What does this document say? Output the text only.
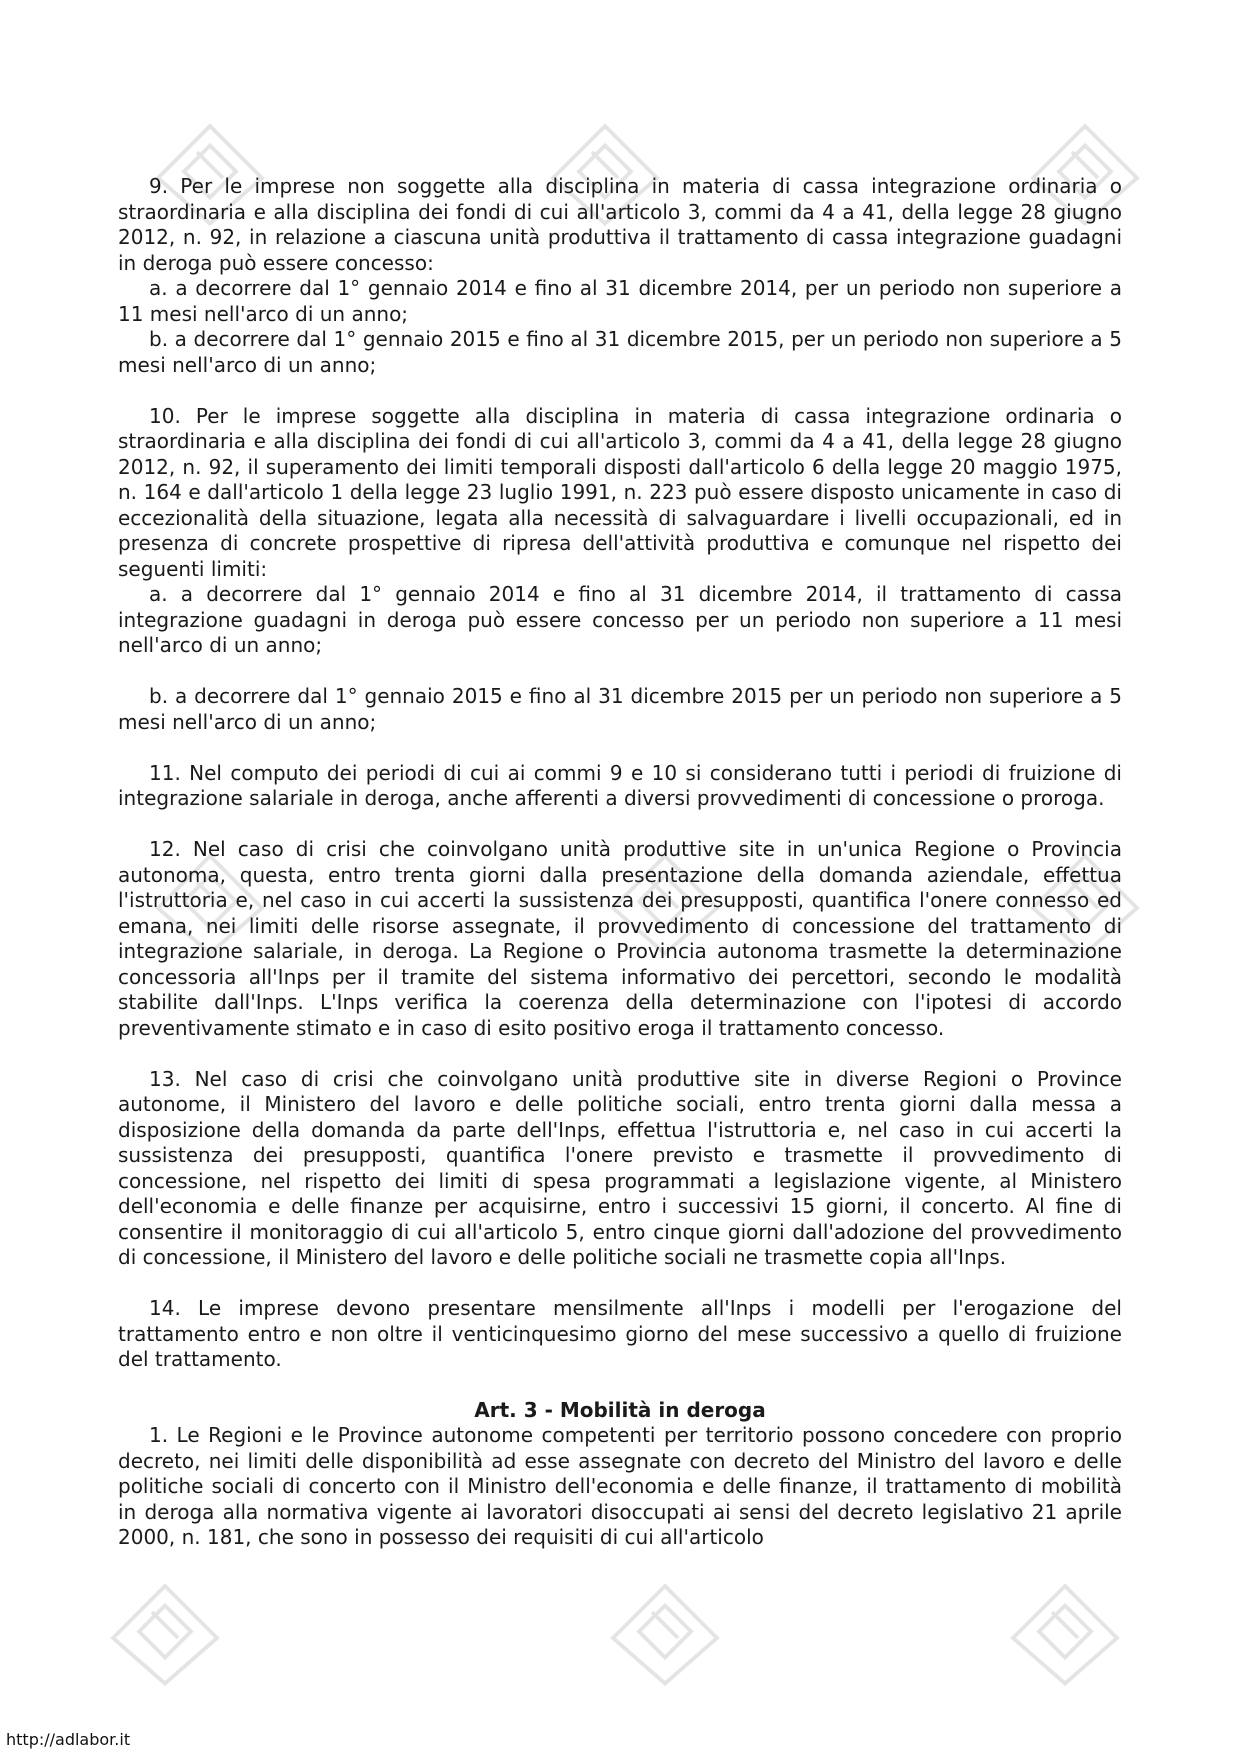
9. Per le imprese non soggette alla disciplina in materia di cassa integrazione ordinaria o straordinaria e alla disciplina dei fondi di cui all'articolo 3, commi da 4 a 41, della legge 28 giugno 2012, n. 92, in relazione a ciascuna unità produttiva il trattamento di cassa integrazione guadagni in deroga può essere concesso:

a. a decorrere dal 1° gennaio 2014 e fino al 31 dicembre 2014, per un periodo non superiore a 11 mesi nell'arco di un anno;

b. a decorrere dal 1° gennaio 2015 e fino al 31 dicembre 2015, per un periodo non superiore a 5 mesi nell'arco di un anno;

10. Per le imprese soggette alla disciplina in materia di cassa integrazione ordinaria o straordinaria e alla disciplina dei fondi di cui all'articolo 3, commi da 4 a 41, della legge 28 giugno 2012, n. 92, il superamento dei limiti temporali disposti dall'articolo 6 della legge 20 maggio 1975, n. 164 e dall'articolo 1 della legge 23 luglio 1991, n. 223 può essere disposto unicamente in caso di eccezionalità della situazione, legata alla necessità di salvaguardare i livelli occupazionali, ed in presenza di concrete prospettive di ripresa dell'attività produttiva e comunque nel rispetto dei seguenti limiti:

a. a decorrere dal 1° gennaio 2014 e fino al 31 dicembre 2014, il trattamento di cassa integrazione guadagni in deroga può essere concesso per un periodo non superiore a 11 mesi nell'arco di un anno;

b. a decorrere dal 1° gennaio 2015 e fino al 31 dicembre 2015 per un periodo non superiore a 5 mesi nell'arco di un anno;

11. Nel computo dei periodi di cui ai commi 9 e 10 si considerano tutti i periodi di fruizione di integrazione salariale in deroga, anche afferenti a diversi provvedimenti di concessione o proroga.

12. Nel caso di crisi che coinvolgano unità produttive site in un'unica Regione o Provincia autonoma, questa, entro trenta giorni dalla presentazione della domanda aziendale, effettua l'istruttoria e, nel caso in cui accerti la sussistenza dei presupposti, quantifica l'onere connesso ed emana, nei limiti delle risorse assegnate, il provvedimento di concessione del trattamento di integrazione salariale, in deroga. La Regione o Provincia autonoma trasmette la determinazione concessoria all'Inps per il tramite del sistema informativo dei percettori, secondo le modalità stabilite dall'Inps. L'Inps verifica la coerenza della determinazione con l'ipotesi di accordo preventivamente stimato e in caso di esito positivo eroga il trattamento concesso.

13. Nel caso di crisi che coinvolgano unità produttive site in diverse Regioni o Province autonome, il Ministero del lavoro e delle politiche sociali, entro trenta giorni dalla messa a disposizione della domanda da parte dell'Inps, effettua l'istruttoria e, nel caso in cui accerti la sussistenza dei presupposti, quantifica l'onere previsto e trasmette il provvedimento di concessione, nel rispetto dei limiti di spesa programmati a legislazione vigente, al Ministero dell'economia e delle finanze per acquisirne, entro i successivi 15 giorni, il concerto. Al fine di consentire il monitoraggio di cui all'articolo 5, entro cinque giorni dall'adozione del provvedimento di concessione, il Ministero del lavoro e delle politiche sociali ne trasmette copia all'Inps.

14. Le imprese devono presentare mensilmente all'Inps i modelli per l'erogazione del trattamento entro e non oltre il venticinquesimo giorno del mese successivo a quello di fruizione del trattamento.

Art. 3 - Mobilità in deroga

1. Le Regioni e le Province autonome competenti per territorio possono concedere con proprio decreto, nei limiti delle disponibilità ad esse assegnate con decreto del Ministro del lavoro e delle politiche sociali di concerto con il Ministro dell'economia e delle finanze, il trattamento di mobilità in deroga alla normativa vigente ai lavoratori disoccupati ai sensi del decreto legislativo 21 aprile 2000, n. 181, che sono in possesso dei requisiti di cui all'articolo

http://adlabor.it
